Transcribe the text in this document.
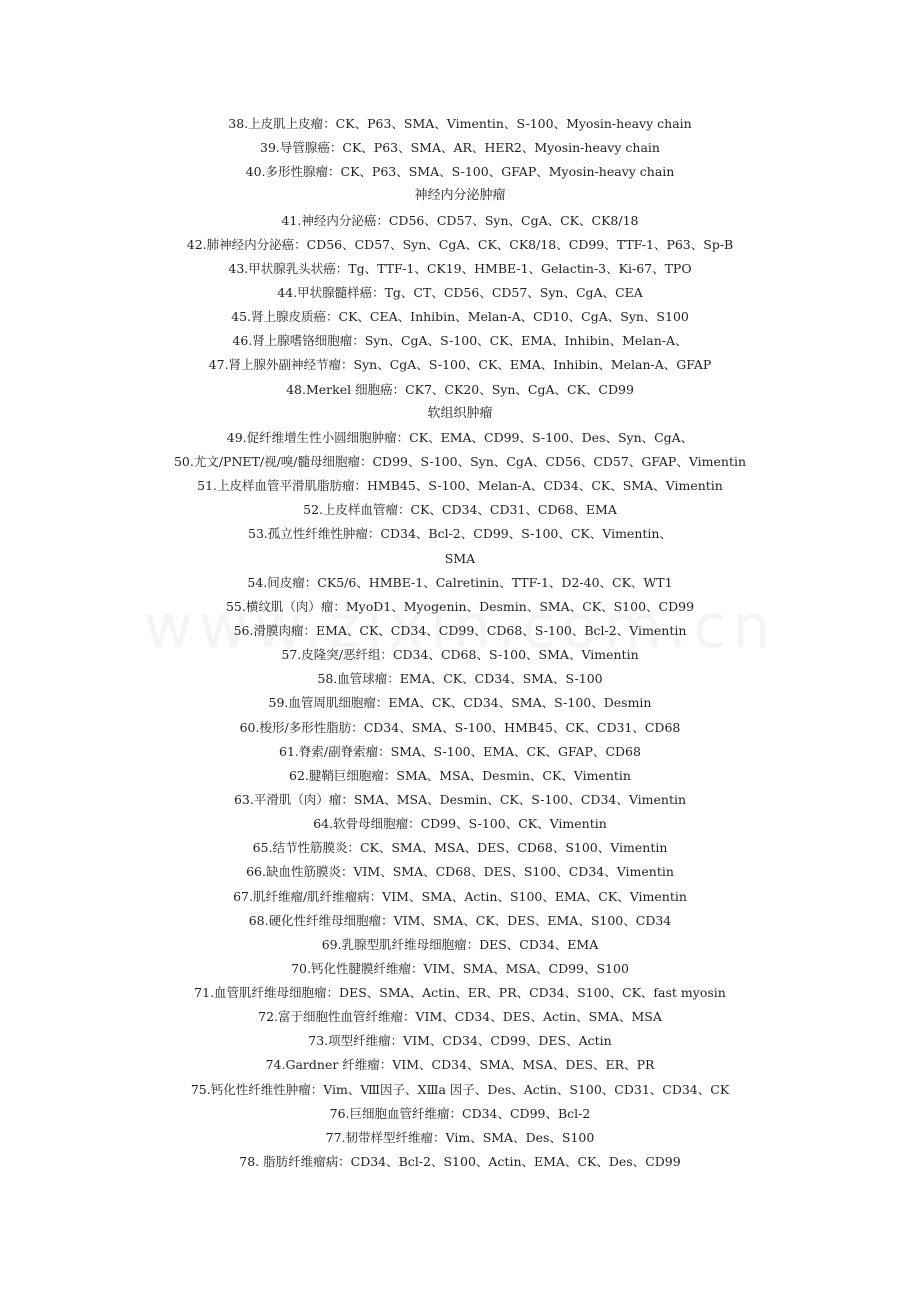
38.上皮肌上皮瘤：CK、P63、SMA、Vimentin、S-100、Myosin-heavy chain
39.导管腺癌：CK、P63、SMA、AR、HER2、Myosin-heavy chain
40.多形性腺瘤：CK、P63、SMA、S-100、GFAP、Myosin-heavy chain
神经内分泌肿瘤
41.神经内分泌癌：CD56、CD57、Syn、CgA、CK、CK8/18
42.肺神经内分泌癌：CD56、CD57、Syn、CgA、CK、CK8/18、CD99、TTF-1、P63、Sp-B
43.甲状腺乳头状癌：Tg、TTF-1、CK19、HMBE-1、Gelactin-3、Ki-67、TPO
44.甲状腺髓样癌：Tg、CT、CD56、CD57、Syn、CgA、CEA
45.肾上腺皮质癌：CK、CEA、Inhibin、Melan-A、CD10、CgA、Syn、S100
46.肾上腺嗜铬细胞瘤：Syn、CgA、S-100、CK、EMA、Inhibin、Melan-A、
47.肾上腺外副神经节瘤：Syn、CgA、S-100、CK、EMA、Inhibin、Melan-A、GFAP
48.Merkel 细胞癌：CK7、CK20、Syn、CgA、CK、CD99
软组织肿瘤
49.促纤维增生性小圆细胞肿瘤：CK、EMA、CD99、S-100、Des、Syn、CgA、
50.尤文/PNET/视/嗅/髓母细胞瘤：CD99、S-100、Syn、CgA、CD56、CD57、GFAP、Vimentin
51.上皮样血管平滑肌脂肪瘤：HMB45、S-100、Melan-A、CD34、CK、SMA、Vimentin
52.上皮样血管瘤：CK、CD34、CD31、CD68、EMA
53.孤立性纤维性肿瘤：CD34、Bcl-2、CD99、S-100、CK、Vimentin、
SMA
54.间皮瘤：CK5/6、HMBE-1、Calretinin、TTF-1、D2-40、CK、WT1
55.横纹肌（肉）瘤：MyoD1、Myogenin、Desmin、SMA、CK、S100、CD99
56.滑膜肉瘤：EMA、CK、CD34、CD99、CD68、S-100、Bcl-2、Vimentin
57.皮隆突/恶纤组：CD34、CD68、S-100、SMA、Vimentin
58.血管球瘤：EMA、CK、CD34、SMA、S-100
59.血管周肌细胞瘤：EMA、CK、CD34、SMA、S-100、Desmin
60.梭形/多形性脂肪：CD34、SMA、S-100、HMB45、CK、CD31、CD68
61.脊索/副脊索瘤：SMA、S-100、EMA、CK、GFAP、CD68
62.腱鞘巨细胞瘤：SMA、MSA、Desmin、CK、Vimentin
63.平滑肌（肉）瘤：SMA、MSA、Desmin、CK、S-100、CD34、Vimentin
64.软骨母细胞瘤：CD99、S-100、CK、Vimentin
65.结节性筋膜炎：CK、SMA、MSA、DES、CD68、S100、Vimentin
66.缺血性筋膜炎：VIM、SMA、CD68、DES、S100、CD34、Vimentin
67.肌纤维瘤/肌纤维瘤病：VIM、SMA、Actin、S100、EMA、CK、Vimentin
68.硬化性纤维母细胞瘤：VIM、SMA、CK、DES、EMA、S100、CD34
69.乳腺型肌纤维母细胞瘤：DES、CD34、EMA
70.钙化性腱膜纤维瘤：VIM、SMA、MSA、CD99、S100
71.血管肌纤维母细胞瘤：DES、SMA、Actin、ER、PR、CD34、S100、CK、fast myosin
72.富于细胞性血管纤维瘤：VIM、CD34、DES、Actin、SMA、MSA
73.项型纤维瘤：VIM、CD34、CD99、DES、Actin
74.Gardner 纤维瘤：VIM、CD34、SMA、MSA、DES、ER、PR
75.钙化性纤维性肿瘤：Vim、Ⅷ因子、XⅢa 因子、Des、Actin、S100、CD31、CD34、CK
76.巨细胞血管纤维瘤：CD34、CD99、Bcl-2
77.韧带样型纤维瘤：Vim、SMA、Des、S100
78. 脂肪纤维瘤病：CD34、Bcl-2、S100、Actin、EMA、CK、Des、CD99
